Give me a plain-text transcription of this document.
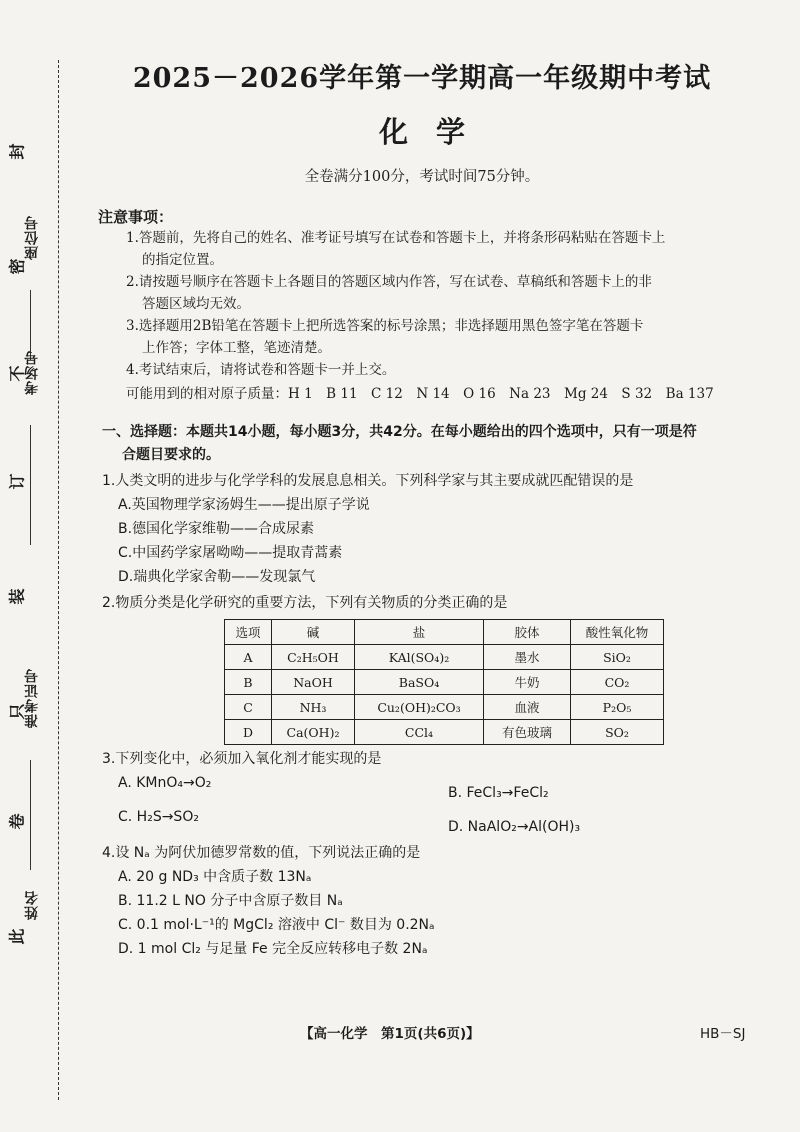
封
密
不
订
装
只
卷
此
座位号
考场号
准考证号
姓名
2025－2026学年第一学期高一年级期中考试
化学
全卷满分100分，考试时间75分钟。
注意事项：
1.答题前，先将自己的姓名、准考证号填写在试卷和答题卡上，并将条形码粘贴在答题卡上
的指定位置。
2.请按题号顺序在答题卡上各题目的答题区域内作答，写在试卷、草稿纸和答题卡上的非
答题区域均无效。
3.选择题用2B铅笔在答题卡上把所选答案的标号涂黑；非选择题用黑色签字笔在答题卡
上作答；字体工整，笔迹清楚。
4.考试结束后，请将试卷和答题卡一并上交。
可能用到的相对原子质量：H 1　B 11　C 12　N 14　O 16　Na 23　Mg 24　S 32　Ba 137
一、选择题：本题共14小题，每小题3分，共42分。在每小题给出的四个选项中，只有一项是符
合题目要求的。
1.人类文明的进步与化学学科的发展息息相关。下列科学家与其主要成就匹配错误的是
A.英国物理学家汤姆生——提出原子学说
B.德国化学家维勒——合成尿素
C.中国药学家屠呦呦——提取青蒿素
D.瑞典化学家舍勒——发现氯气
2.物质分类是化学研究的重要方法，下列有关物质的分类正确的是
选项	碱	盐	胶体	酸性氧化物
A	C₂H₅OH	KAl(SO₄)₂	墨水	SiO₂
B	NaOH	BaSO₄	牛奶	CO₂
C	NH₃	Cu₂(OH)₂CO₃	血液	P₂O₅
D	Ca(OH)₂	CCl₄	有色玻璃	SO₂
3.下列变化中，必须加入氧化剂才能实现的是
A. KMnO₄→O₂
B. FeCl₃→FeCl₂
C. H₂S→SO₂
D. NaAlO₂→Al(OH)₃
4.设 Nₐ 为阿伏加德罗常数的值，下列说法正确的是
A. 20 g ND₃ 中含质子数 13Nₐ
B. 11.2 L NO 分子中含原子数目 Nₐ
C. 0.1 mol·L⁻¹的 MgCl₂ 溶液中 Cl⁻ 数目为 0.2Nₐ
D. 1 mol Cl₂ 与足量 Fe 完全反应转移电子数 2Nₐ
【高一化学　第1页(共6页)】	HB－SJ
